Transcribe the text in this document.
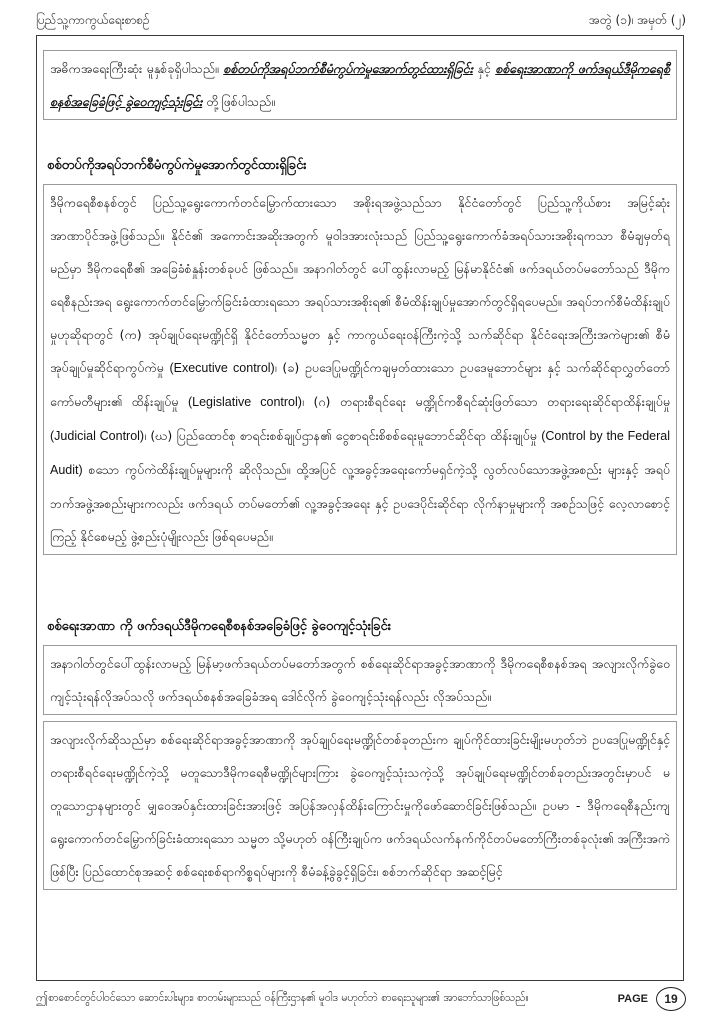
ပြည်သူ့ကာကွယ်ရေးစာစဥ်	အတွဲ (၁)၊ အမှတ် (၂)
အဓိကအရေးကြီးဆုံး မူနှစ်ခုရှိပါသည်။ စစ်တပ်ကိုအရပ်ဘက်စီမံကွပ်ကဲမှုအောက်တွင်ထားရှိခြင်း နှင့် စစ်ရေးအာဏာကို ဖက်ဒရယ်ဒီမိုကရေစီစနစ်အခြေခံဖြင့် ခွဲဝေကျင့်သုံးခြင်း တို့ဖြစ်ပါသည်။
စစ်တပ်ကိုအရပ်ဘက်စီမံကွပ်ကဲမှုအောက်တွင်ထားရှိခြင်း
ဒီမိုကရေစီစနစ်တွင် ပြည်သူ့ရွေးကောက်တင်မြှောက်ထားသော အစိုးရအဖွဲ့သည်သာ နိုင်ငံတော်တွင် ပြည်သူ့ကိုယ်စား အမြင့်ဆုံးအာဏာပိုင်အဖွဲ့ဖြစ်သည်။ နိုင်ငံ၏ အကောင်းအဆိုးအတွက် မူဝါဒအားလုံးသည် ပြည်သူ့ရွေးကောက်ခံအရပ်သားအစိုးရကသာ စီမံချမှတ်ရမည်မှာ ဒီမိုကရေစီ၏ အခြေခံစံနှုန်းတစ်ခုပင် ဖြစ်သည်။ အနာဂါတ်တွင် ပေါ်ထွန်းလာမည့် မြန်မာနိုင်ငံ၏ ဖက်ဒရယ်တပ်မတော်သည် ဒီမိုကရေစီနည်းအရ ရွေးကောက်တင်မြှောက်ခြင်းခံထားရသော အရပ်သားအစိုးရ၏ စီမံထိန်းချုပ်မှုအောက်တွင်ရှိရပေမည်။ အရပ်ဘက်စီမံထိန်းချုပ်မှုဟုဆိုရာတွင် (က) အုပ်ချုပ်ရေးမဏ္ဍိုင်ရှိ နိုင်ငံတော်သမ္မတ နှင့် ကာကွယ်ရေးဝန်ကြီးကဲ့သို့ သက်ဆိုင်ရာ နိုင်ငံရေးအကြီးအကဲများ၏ စီမံအုပ်ချုပ်မှုဆိုင်ရာကွပ်ကဲမှု (Executive control)၊ (ခ) ဥပဒေပြုမဏ္ဍိုင်ကချမှတ်ထားသော ဥပဒေမူဘောင်များ နှင့် သက်ဆိုင်ရာလွှတ်တော်ကော်မတီများ၏ ထိန်းချုပ်မှု (Legislative control)၊ (ဂ) တရားစီရင်ရေး မဏ္ဍိုင်ကစီရင်ဆုံးဖြတ်သော တရားရေးဆိုင်ရာထိန်းချုပ်မှု (Judicial Control)၊ (ဃ) ပြည်ထောင်စု စာရင်းစစ်ချုပ်ဌာန၏ ငွေစာရင်းစိစစ်ရေးမူဘောင်ဆိုင်ရာ ထိန်းချုပ်မှု (Control by the Federal Audit) စသော ကွပ်ကဲထိန်းချုပ်မှုများကို ဆိုလိုသည်။ ထို့အပြင် လူ့အခွင့်အရေးကော်မရှင်ကဲ့သို့ လွတ်လပ်သောအဖွဲ့အစည်း များနှင့် အရပ်ဘက်အဖွဲ့အစည်းများကလည်း ဖက်ဒရယ် တပ်မတော်၏ လူ့အခွင့်အရေး နှင့် ဥပဒေပိုင်းဆိုင်ရာ လိုက်နာမှုများကို အစဥ်သဖြင့် လေ့လာစောင့်ကြည့် နိုင်စေမည့် ဖွဲ့စည်းပုံမျိုးလည်း ဖြစ်ရပေမည်။
စစ်ရေးအာဏာ ကို ဖက်ဒရယ်ဒီမိုကရေစီစနစ်အခြေခံဖြင့် ခွဲဝေကျင့်သုံးခြင်း
အနာဂါတ်တွင်ပေါ်ထွန်းလာမည့် မြန်မာ့ဖက်ဒရယ်တပ်မတော်အတွက် စစ်ရေးဆိုင်ရာအခွင့်အာဏာကို ဒီမိုကရေစီစနစ်အရ အလျားလိုက်ခွဲဝေကျင့်သုံးရန်လိုအပ်သလို ဖက်ဒရယ်စနစ်အခြေခံအရ ဒေါင်လိုက် ခွဲဝေကျင့်သုံးရန်လည်း လိုအပ်သည်။
အလျားလိုက်ဆိုသည်မှာ စစ်ရေးဆိုင်ရာအခွင့်အာဏာကို အုပ်ချုပ်ရေးမဏ္ဍိုင်တစ်ခုတည်းက ချုပ်ကိုင်ထားခြင်းမျိုးမဟုတ်ဘဲ ဥပဒေပြုမဏ္ဍိုင်နှင့် တရားစီရင်ရေးမဏ္ဍိုင်ကဲ့သို့ မတူသောဒီမိုကရေစီမဏ္ဍိုင်များကြား ခွဲဝေကျင့်သုံးသကဲ့သို့ အုပ်ချုပ်ရေးမဏ္ဍိုင်တစ်ခုတည်းအတွင်းမှာပင် မတူသောဌာနများတွင် မျှဝေအပ်နှင်းထားခြင်းအားဖြင့် အပြန်အလှန်ထိန်းကြောင်းမှုကိုဖော်ဆောင်ခြင်းဖြစ်သည်။ ဥပမာ - ဒီမိုကရေစီနည်းကျရွေးကောက်တင်မြှောက်ခြင်းခံထားရသော သမ္မတ သို့မဟုတ် ဝန်ကြီးချုပ်က ဖက်ဒရယ်လက်နက်ကိုင်တပ်မတော်ကြီးတစ်ခုလုံး၏ အကြီးအကဲဖြစ်ပြီး ပြည်ထောင်စုအဆင့် စစ်ရေးစစ်ရာကိစ္စရပ်များကို စီမံခန့်ခွဲခွင့်ရှိခြင်း၊ စစ်ဘက်ဆိုင်ရာ အဆင့်မြင့်
ဤစာစောင်တွင်ပါဝင်သော ဆောင်းပါးများ၊ စာတမ်းများသည် ဝန်ကြီးဌာန၏ မူဝါဒ မဟုတ်ဘဲ စာရေးသူများ၏ အာဘော်သာဖြစ်သည်။	PAGE	19
